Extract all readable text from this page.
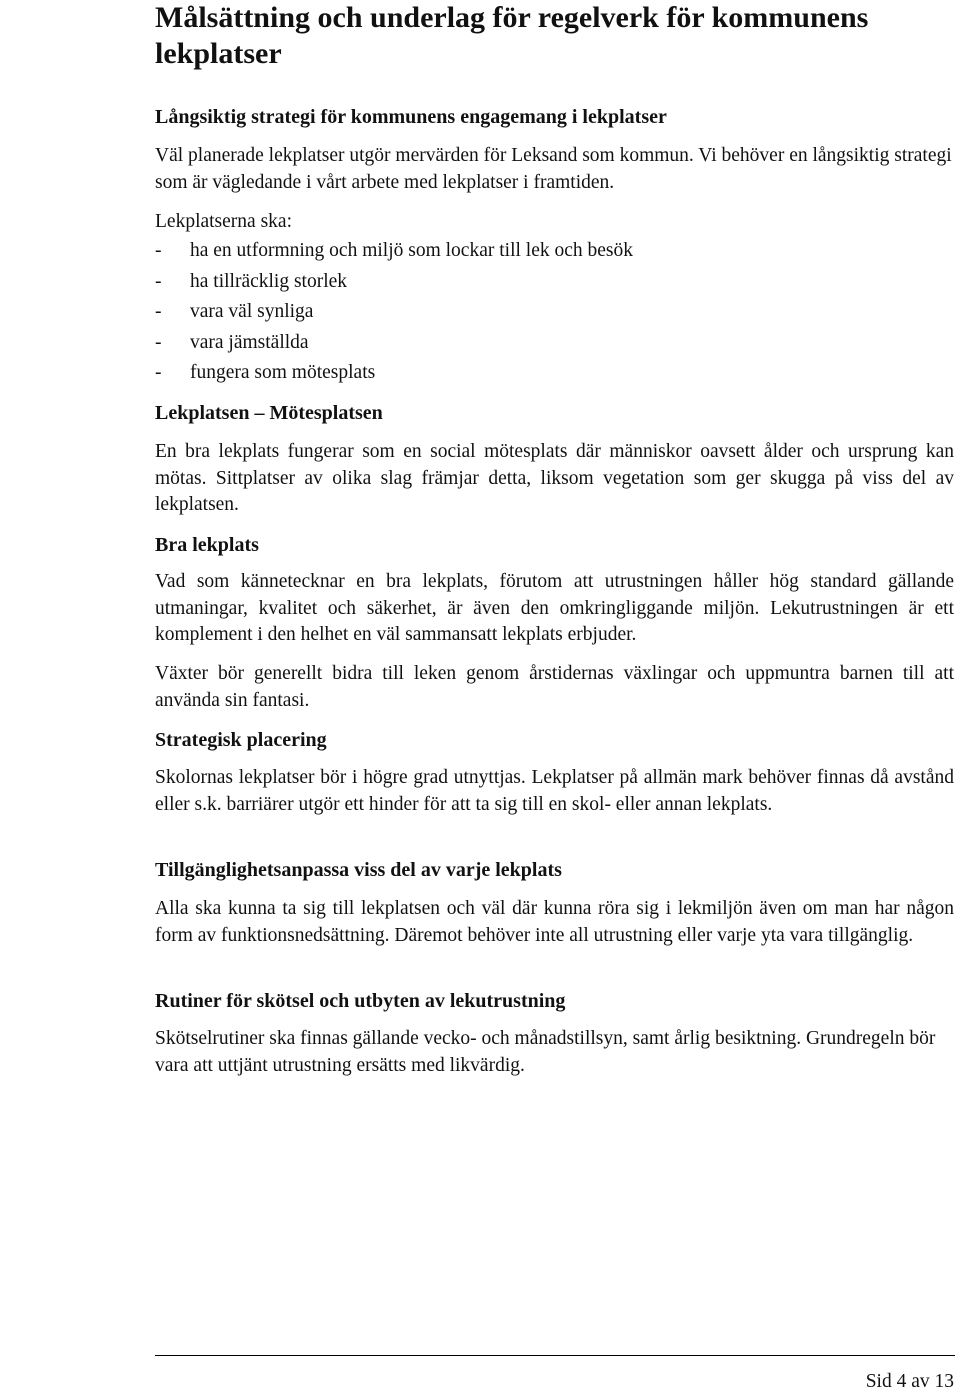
Målsättning och underlag för regelverk för kommunens lekplatser
Långsiktig strategi för kommunens engagemang i lekplatser

Väl planerade lekplatser utgör mervärden för Leksand som kommun. Vi behöver en långsiktig strategi som är vägledande i vårt arbete med lekplatser i framtiden.

Lekplatserna ska:

- ha en utformning och miljö som lockar till lek och besök
- ha tillräcklig storlek
- vara väl synliga
- vara jämställda
- fungera som mötesplats
Lekplatsen – Mötesplatsen

En bra lekplats fungerar som en social mötesplats där människor oavsett ålder och ursprung kan mötas. Sittplatser av olika slag främjar detta, liksom vegetation som ger skugga på viss del av lekplatsen.

Bra lekplats

Vad som kännetecknar en bra lekplats, förutom att utrustningen håller hög standard gällande utmaningar, kvalitet och säkerhet, är även den omkringliggande miljön. Lekutrustningen är ett komplement i den helhet en väl sammansatt lekplats erbjuder.

Växter bör generellt bidra till leken genom årstidernas växlingar och uppmuntra barnen till att använda sin fantasi.

Strategisk placering

Skolornas lekplatser bör i högre grad utnyttjas. Lekplatser på allmän mark behöver finnas då avstånd eller s.k. barriärer utgör ett hinder för att ta sig till en skol- eller annan lekplats.

Tillgänglighetsanpassa viss del av varje lekplats

Alla ska kunna ta sig till lekplatsen och väl där kunna röra sig i lekmiljön även om man har någon form av funktionsnedsättning. Däremot behöver inte all utrustning eller varje yta vara tillgänglig.

Rutiner för skötsel och utbyten av lekutrustning

Skötselrutiner ska finnas gällande vecko- och månadstillsyn, samt årlig besiktning. Grundregeln bör vara att uttjänt utrustning ersätts med likvärdig.

Sid 4 av 13
